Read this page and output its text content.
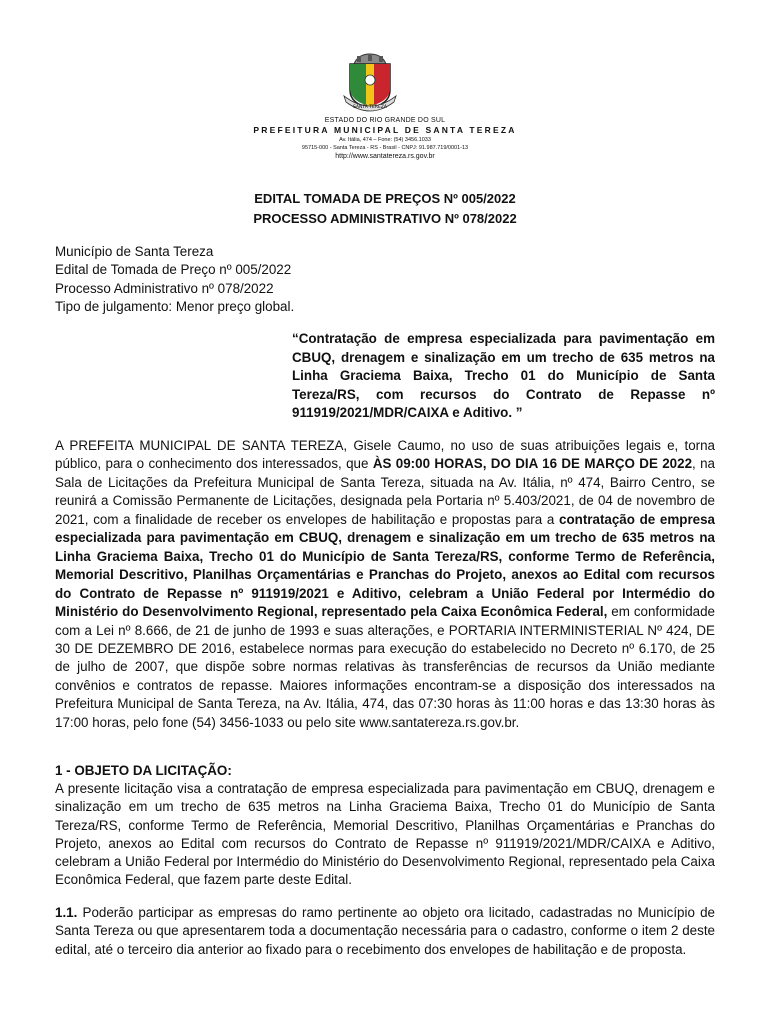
SANTA TEREZA
ESTADO DO RIO GRANDE DO SUL
PREFEITURA MUNICIPAL DE SANTA TEREZA
Av. Itália, 474 – Fone: (54) 3456.1033
95715-000 - Santa Tereza - RS - Brasil - CNPJ: 91.987.719/0001-13
http://www.santatereza.rs.gov.br
EDITAL TOMADA DE PREÇOS Nº 005/2022
PROCESSO ADMINISTRATIVO Nº 078/2022

Município de Santa Tereza

Edital de Tomada de Preço nº 005/2022

Processo Administrativo nº 078/2022

Tipo de julgamento: Menor preço global.

“Contratação de empresa especializada para pavimentação em CBUQ, drenagem e sinalização em um trecho de 635 metros na Linha Graciema Baixa, Trecho 01 do Município de Santa Tereza/RS, com recursos do Contrato de Repasse nº 911919/2021/MDR/CAIXA e Aditivo. ”

A PREFEITA MUNICIPAL DE SANTA TEREZA, Gisele Caumo, no uso de suas atribuições legais e, torna público, para o conhecimento dos interessados, que ÀS 09:00 HORAS, DO DIA 16 DE MARÇO DE 2022, na Sala de Licitações da Prefeitura Municipal de Santa Tereza, situada na Av. Itália, nº 474, Bairro Centro, se reunirá a Comissão Permanente de Licitações, designada pela Portaria nº 5.403/2021, de 04 de novembro de 2021, com a finalidade de receber os envelopes de habilitação e propostas para a contratação de empresa especializada para pavimentação em CBUQ, drenagem e sinalização em um trecho de 635 metros na Linha Graciema Baixa, Trecho 01 do Município de Santa Tereza/RS, conforme Termo de Referência, Memorial Descritivo, Planilhas Orçamentárias e Pranchas do Projeto, anexos ao Edital com recursos do Contrato de Repasse nº 911919/2021 e Aditivo, celebram a União Federal por Intermédio do Ministério do Desenvolvimento Regional, representado pela Caixa Econômica Federal, em conformidade com a Lei nº 8.666, de 21 de junho de 1993 e suas alterações, e PORTARIA INTERMINISTERIAL Nº 424, DE 30 DE DEZEMBRO DE 2016, estabelece normas para execução do estabelecido no Decreto nº 6.170, de 25 de julho de 2007, que dispõe sobre normas relativas às transferências de recursos da União mediante convênios e contratos de repasse. Maiores informações encontram-se a disposição dos interessados na Prefeitura Municipal de Santa Tereza, na Av. Itália, 474, das 07:30 horas às 11:00 horas e das 13:30 horas às 17:00 horas, pelo fone (54) 3456-1033 ou pelo site www.santatereza.rs.gov.br.

1 - OBJETO DA LICITAÇÃO:

A presente licitação visa a contratação de empresa especializada para pavimentação em CBUQ, drenagem e sinalização em um trecho de 635 metros na Linha Graciema Baixa, Trecho 01 do Município de Santa Tereza/RS, conforme Termo de Referência, Memorial Descritivo, Planilhas Orçamentárias e Pranchas do Projeto, anexos ao Edital com recursos do Contrato de Repasse nº 911919/2021/MDR/CAIXA e Aditivo, celebram a União Federal por Intermédio do Ministério do Desenvolvimento Regional, representado pela Caixa Econômica Federal, que fazem parte deste Edital.

1.1. Poderão participar as empresas do ramo pertinente ao objeto ora licitado, cadastradas no Município de Santa Tereza ou que apresentarem toda a documentação necessária para o cadastro, conforme o item 2 deste edital, até o terceiro dia anterior ao fixado para o recebimento dos envelopes de habilitação e de proposta.
